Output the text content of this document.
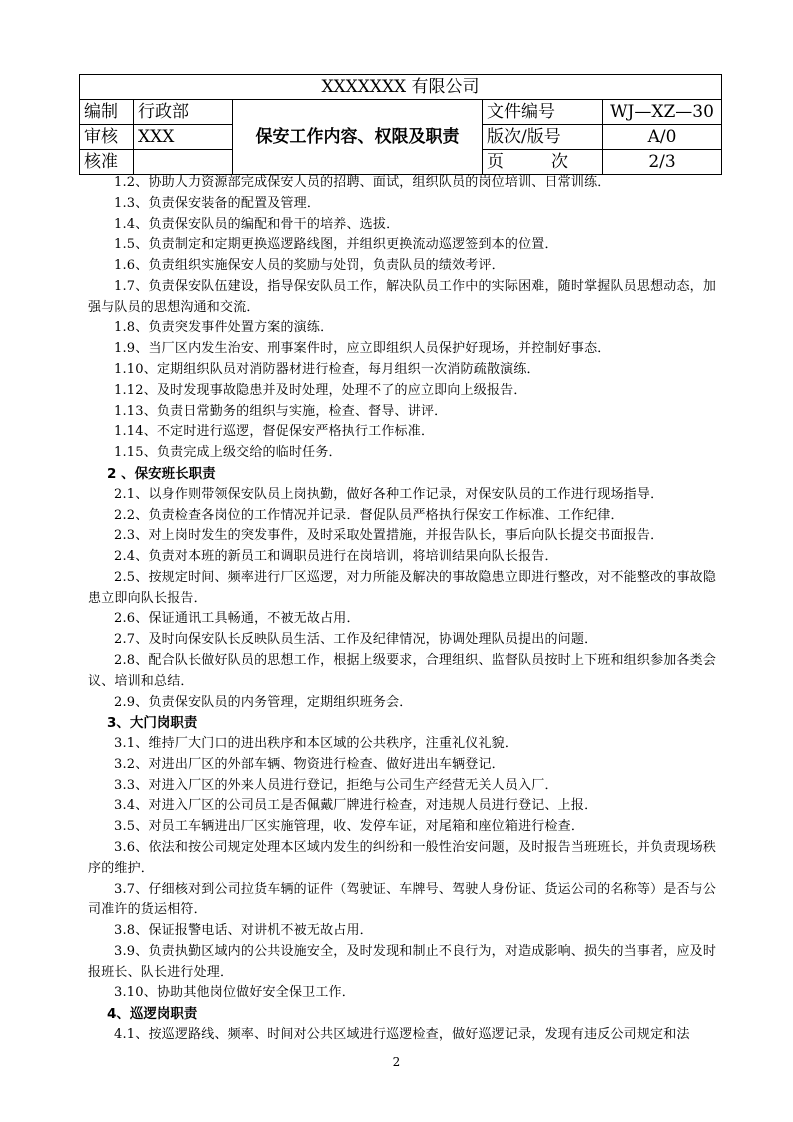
XXXXXXX 有限公司				
编制	行政部	保安工作内容、权限及职责	文件编号	WJ—XZ—30
审核	XXX		版次/版号	A/0
核准			页 次	2/3

1.2、协助人力资源部完成保安人员的招聘、面试，组织队员的岗位培训、日常训练．

1.3、负责保安装备的配置及管理．

1.4、负责保安队员的编配和骨干的培养、选拔．

1.5、负责制定和定期更换巡逻路线图，并组织更换流动巡逻签到本的位置．

1.6、负责组织实施保安人员的奖励与处罚，负责队员的绩效考评．

1.7、负责保安队伍建设，指导保安队员工作，解决队员工作中的实际困难，随时掌握队员思想动态，加强与队员的思想沟通和交流．

1.8、负责突发事件处置方案的演练．

1.9、当厂区内发生治安、刑事案件时，应立即组织人员保护好现场，并控制好事态．

1.10、定期组织队员对消防器材进行检查，每月组织一次消防疏散演练．

1.12、及时发现事故隐患并及时处理，处理不了的应立即向上级报告．

1.13、负责日常勤务的组织与实施，检查、督导、讲评．

1.14、不定时进行巡逻，督促保安严格执行工作标准．

1.15、负责完成上级交给的临时任务．

2 、保安班长职责

2.1、以身作则带领保安队员上岗执勤，做好各种工作记录，对保安队员的工作进行现场指导．

2.2、负责检查各岗位的工作情况并记录．督促队员严格执行保安工作标准、工作纪律．

2.3、对上岗时发生的突发事件，及时采取处置措施，并报告队长，事后向队长提交书面报告．

2.4、负责对本班的新员工和调职员进行在岗培训，将培训结果向队长报告．

2.5、按规定时间、频率进行厂区巡逻，对力所能及解决的事故隐患立即进行整改，对不能整改的事故隐患立即向队长报告．

2.6、保证通讯工具畅通，不被无故占用．

2.7、及时向保安队长反映队员生活、工作及纪律情况，协调处理队员提出的问题．

2.8、配合队长做好队员的思想工作，根据上级要求，合理组织、监督队员按时上下班和组织参加各类会议、培训和总结．

2.9、负责保安队员的内务管理，定期组织班务会．

3、大门岗职责

3.1、维持厂大门口的进出秩序和本区域的公共秩序，注重礼仪礼貌．

3.2、对进出厂区的外部车辆、物资进行检查、做好进出车辆登记．

3.3、对进入厂区的外来人员进行登记，拒绝与公司生产经营无关人员入厂．

3.4、对进入厂区的公司员工是否佩戴厂牌进行检查，对违规人员进行登记、上报．

3.5、对员工车辆进出厂区实施管理，收、发停车证，对尾箱和座位箱进行检查．

3.6、依法和按公司规定处理本区域内发生的纠纷和一般性治安问题，及时报告当班班长，并负责现场秩序的维护．

3.7、仔细核对到公司拉货车辆的证件（驾驶证、车牌号、驾驶人身份证、货运公司的名称等）是否与公司准许的货运相符．

3.8、保证报警电话、对讲机不被无故占用．

3.9、负责执勤区域内的公共设施安全，及时发现和制止不良行为，对造成影响、损失的当事者，应及时报班长、队长进行处理．

3.10、协助其他岗位做好安全保卫工作．

4、巡逻岗职责

4.1、按巡逻路线、频率、时间对公共区域进行巡逻检查，做好巡逻记录，发现有违反公司规定和法

2
